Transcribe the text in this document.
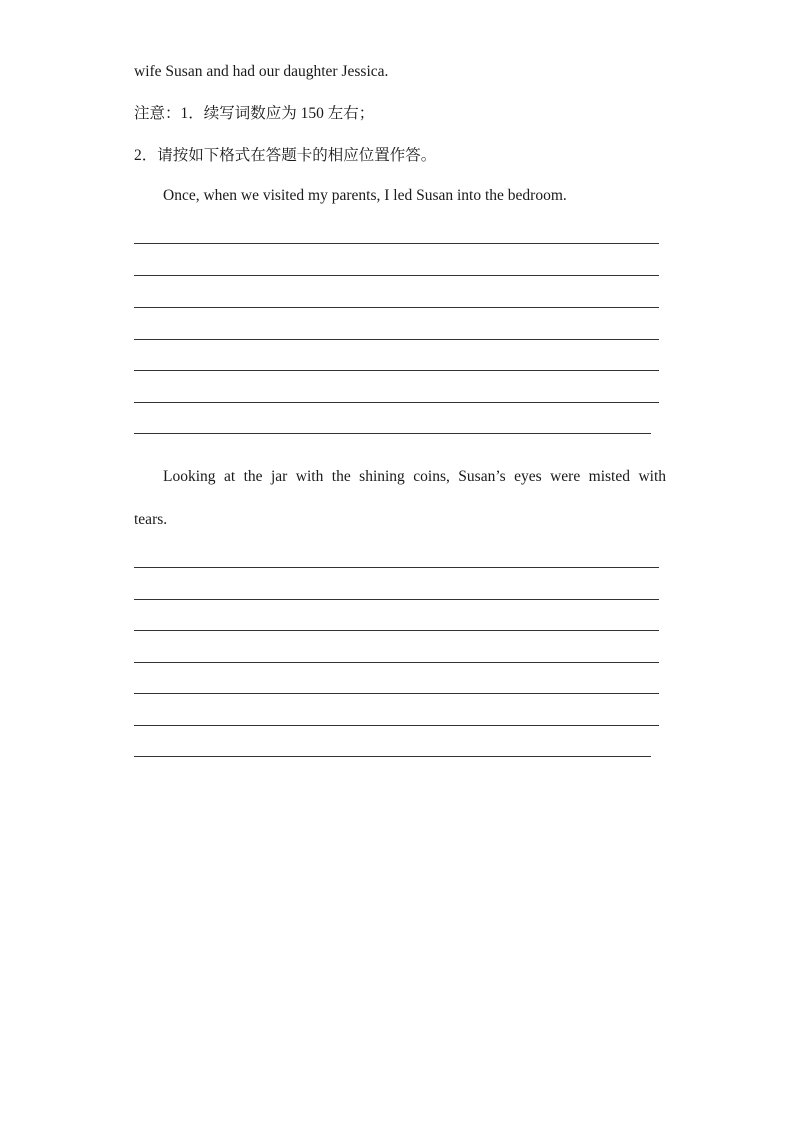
wife Susan and had our daughter Jessica.
注意：1．续写词数应为 150 左右；
2．请按如下格式在答题卡的相应位置作答。
Once, when we visited my parents, I led Susan into the bedroom.
Looking at the jar with the shining coins, Susan’s eyes were misted with
tears.
